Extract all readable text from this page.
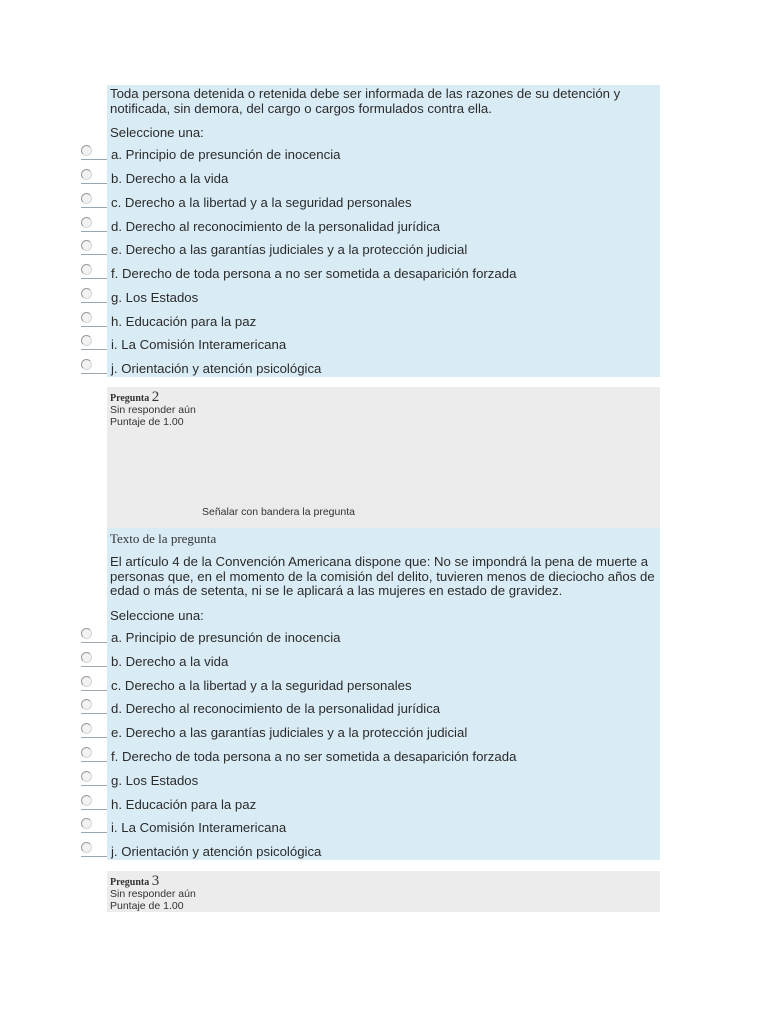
Toda persona detenida o retenida debe ser informada de las razones de su detención y notificada, sin demora, del cargo o cargos formulados contra ella.

Seleccione una:

a. Principio de presunción de inocencia
b. Derecho a la vida
c. Derecho a la libertad y a la seguridad personales
d. Derecho al reconocimiento de la personalidad jurídica
e. Derecho a las garantías judiciales y a la protección judicial
f. Derecho de toda persona a no ser sometida a desaparición forzada
g. Los Estados
h. Educación para la paz
i. La Comisión Interamericana
j. Orientación y atención psicológica
Pregunta 2
Sin responder aún
Puntaje de 1.00
Señalar con bandera la pregunta
Texto de la pregunta

El artículo 4 de la Convención Americana dispone que: No se impondrá la pena de muerte a personas que, en el momento de la comisión del delito, tuvieren menos de dieciocho años de edad o más de setenta, ni se le aplicará a las mujeres en estado de gravidez.

Seleccione una:

a. Principio de presunción de inocencia
b. Derecho a la vida
c. Derecho a la libertad y a la seguridad personales
d. Derecho al reconocimiento de la personalidad jurídica
e. Derecho a las garantías judiciales y a la protección judicial
f. Derecho de toda persona a no ser sometida a desaparición forzada
g. Los Estados
h. Educación para la paz
i. La Comisión Interamericana
j. Orientación y atención psicológica
Pregunta 3
Sin responder aún
Puntaje de 1.00
